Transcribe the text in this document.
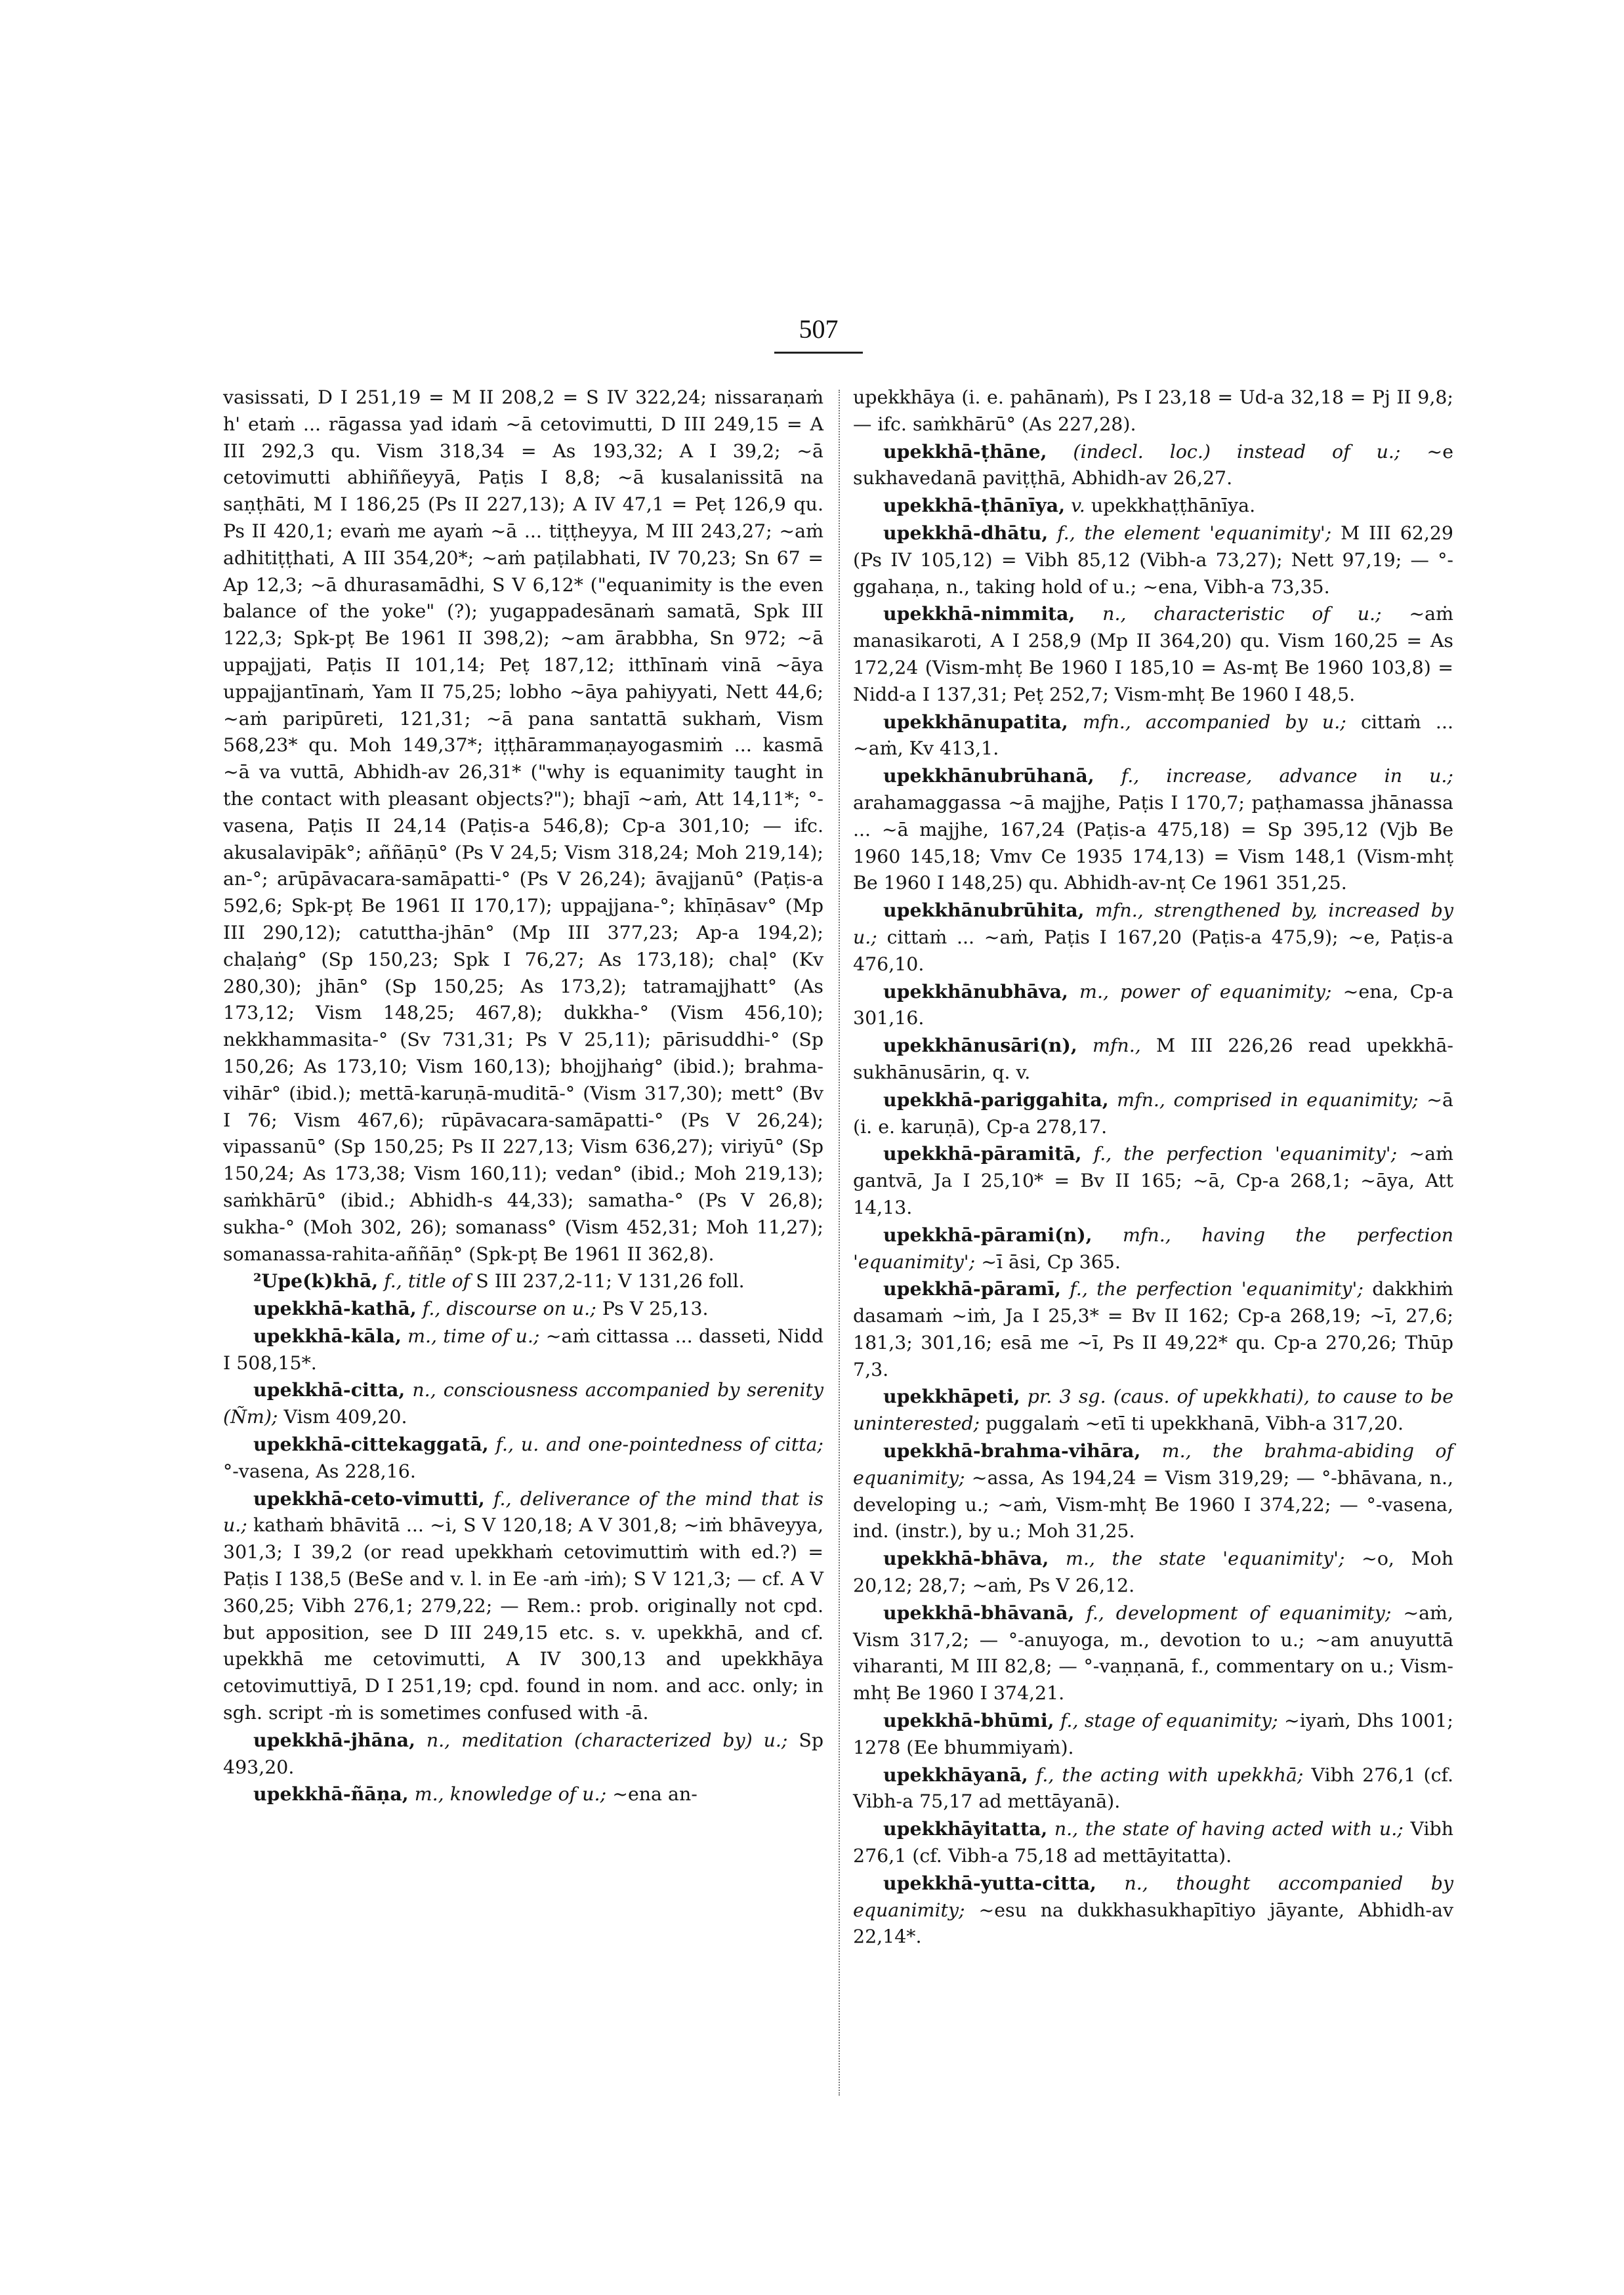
507

vasissati, D I 251,19 = M II 208,2 = S IV 322,24; nissaraṇaṁ h' etaṁ ... rāgassa yad idaṁ ~ā cetovimutti, D III 249,15 = A III 292,3 qu. Vism 318,34 = As 193,32; A I 39,2; ~ā cetovimutti abhiññeyyā, Paṭis I 8,8; ~ā kusalanissitā na saṇṭhāti, M I 186,25 (Ps II 227,13); A IV 47,1 = Peṭ 126,9 qu. Ps II 420,1; evaṁ me ayaṁ ~ā ... tiṭṭheyya, M III 243,27; ~aṁ adhitiṭṭhati, A III 354,20*; ~aṁ paṭilabhati, IV 70,23; Sn 67 = Ap 12,3; ~ā dhurasamādhi, S V 6,12* ("equanimity is the even balance of the yoke" (?); yugappadesānaṁ samatā, Spk III 122,3; Spk-pṭ Be 1961 II 398,2); ~am ārabbha, Sn 972; ~ā uppajjati, Paṭis II 101,14; Peṭ 187,12; itthīnaṁ vinā ~āya uppajjantīnaṁ, Yam II 75,25; lobho ~āya pahiyyati, Nett 44,6; ~aṁ paripūreti, 121,31; ~ā pana santattā sukhaṁ, Vism 568,23* qu. Moh 149,37*; iṭṭhārammaṇayogasmiṁ ... kasmā ~ā va vuttā, Abhidh-av 26,31* ("why is equanimity taught in the contact with pleasant objects?"); bhajī ~aṁ, Att 14,11*; °-vasena, Paṭis II 24,14 (Paṭis-a 546,8); Cp-a 301,10; — ifc. akusalavipāk°; aññāṇū° (Ps V 24,5; Vism 318,24; Moh 219,14); an-°; arūpāvacara-samāpatti-° (Ps V 26,24); āvajjanū° (Paṭis-a 592,6; Spk-pṭ Be 1961 II 170,17); uppajjana-°; khīṇāsav° (Mp III 290,12); catuttha-jhān° (Mp III 377,23; Ap-a 194,2); chaḷaṅg° (Sp 150,23; Spk I 76,27; As 173,18); chaḷ° (Kv 280,30); jhān° (Sp 150,25; As 173,2); tatramajjhatt° (As 173,12; Vism 148,25; 467,8); dukkha-° (Vism 456,10); nekkhammasita-° (Sv 731,31; Ps V 25,11); pārisuddhi-° (Sp 150,26; As 173,10; Vism 160,13); bhojjhaṅg° (ibid.); brahma-vihār° (ibid.); mettā-karuṇā-muditā-° (Vism 317,30); mett° (Bv I 76; Vism 467,6); rūpāvacara-samāpatti-° (Ps V 26,24); vipassanū° (Sp 150,25; Ps II 227,13; Vism 636,27); viriyū° (Sp 150,24; As 173,38; Vism 160,11); vedan° (ibid.; Moh 219,13); saṁkhārū° (ibid.; Abhidh-s 44,33); samatha-° (Ps V 26,8); sukha-° (Moh 302, 26); somanass° (Vism 452,31; Moh 11,27); somanassa-rahita-aññāṇ° (Spk-pṭ Be 1961 II 362,8).

²Upe(k)khā, f., title of S III 237,2-11; V 131,26 foll.

upekkhā-kathā, f., discourse on u.; Ps V 25,13.

upekkhā-kāla, m., time of u.; ~aṁ cittassa ... dasseti, Nidd I 508,15*.

upekkhā-citta, n., consciousness accompanied by serenity (Ñm); Vism 409,20.

upekkhā-cittekaggatā, f., u. and one-pointedness of citta; °-vasena, As 228,16.

upekkhā-ceto-vimutti, f., deliverance of the mind that is u.; kathaṁ bhāvitā ... ~i, S V 120,18; A V 301,8; ~iṁ bhāveyya, 301,3; I 39,2 (or read upekkhaṁ cetovimuttiṁ with ed.?) = Paṭis I 138,5 (BeSe and v. l. in Ee -aṁ -iṁ); S V 121,3; — cf. A V 360,25; Vibh 276,1; 279,22; — Rem.: prob. originally not cpd. but apposition, see D III 249,15 etc. s. v. upekkhā, and cf. upekkhā me cetovimutti, A IV 300,13 and upekkhāya cetovimuttiyā, D I 251,19; cpd. found in nom. and acc. only; in sgh. script -ṁ is sometimes confused with -ā.

upekkhā-jhāna, n., meditation (characterized by) u.; Sp 493,20.

upekkhā-ñāṇa, m., knowledge of u.; ~ena an-

upekkhāya (i. e. pahānaṁ), Ps I 23,18 = Ud-a 32,18 = Pj II 9,8; — ifc. saṁkhārū° (As 227,28).

upekkhā-ṭhāne, (indecl. loc.) instead of u.; ~e sukhavedanā paviṭṭhā, Abhidh-av 26,27.

upekkhā-ṭhānīya, v. upekkhaṭṭhānīya.

upekkhā-dhātu, f., the element 'equanimity'; M III 62,29 (Ps IV 105,12) = Vibh 85,12 (Vibh-a 73,27); Nett 97,19; — °-ggahaṇa, n., taking hold of u.; ~ena, Vibh-a 73,35.

upekkhā-nimmita, n., characteristic of u.; ~aṁ manasikaroti, A I 258,9 (Mp II 364,20) qu. Vism 160,25 = As 172,24 (Vism-mhṭ Be 1960 I 185,10 = As-mṭ Be 1960 103,8) = Nidd-a I 137,31; Peṭ 252,7; Vism-mhṭ Be 1960 I 48,5.

upekkhānupatita, mfn., accompanied by u.; cittaṁ ... ~aṁ, Kv 413,1.

upekkhānubrūhanā, f., increase, advance in u.; arahamaggassa ~ā majjhe, Paṭis I 170,7; paṭhamassa jhānassa ... ~ā majjhe, 167,24 (Paṭis-a 475,18) = Sp 395,12 (Vjb Be 1960 145,18; Vmv Ce 1935 174,13) = Vism 148,1 (Vism-mhṭ Be 1960 I 148,25) qu. Abhidh-av-nṭ Ce 1961 351,25.

upekkhānubrūhita, mfn., strengthened by, increased by u.; cittaṁ ... ~aṁ, Paṭis I 167,20 (Paṭis-a 475,9); ~e, Paṭis-a 476,10.

upekkhānubhāva, m., power of equanimity; ~ena, Cp-a 301,16.

upekkhānusāri(n), mfn., M III 226,26 read upekkhā-sukhānusārin, q. v.

upekkhā-pariggahita, mfn., comprised in equanimity; ~ā (i. e. karuṇā), Cp-a 278,17.

upekkhā-pāramitā, f., the perfection 'equanimity'; ~aṁ gantvā, Ja I 25,10* = Bv II 165; ~ā, Cp-a 268,1; ~āya, Att 14,13.

upekkhā-pārami(n), mfn., having the perfection 'equanimity'; ~ī āsi, Cp 365.

upekkhā-pāramī, f., the perfection 'equanimity'; dakkhiṁ dasamaṁ ~iṁ, Ja I 25,3* = Bv II 162; Cp-a 268,19; ~ī, 27,6; 181,3; 301,16; esā me ~ī, Ps II 49,22* qu. Cp-a 270,26; Thūp 7,3.

upekkhāpeti, pr. 3 sg. (caus. of upekkhati), to cause to be uninterested; puggalaṁ ~etī ti upekkhanā, Vibh-a 317,20.

upekkhā-brahma-vihāra, m., the brahma-abiding of equanimity; ~assa, As 194,24 = Vism 319,29; — °-bhāvana, n., developing u.; ~aṁ, Vism-mhṭ Be 1960 I 374,22; — °-vasena, ind. (instr.), by u.; Moh 31,25.

upekkhā-bhāva, m., the state 'equanimity'; ~o, Moh 20,12; 28,7; ~aṁ, Ps V 26,12.

upekkhā-bhāvanā, f., development of equanimity; ~aṁ, Vism 317,2; — °-anuyoga, m., devotion to u.; ~am anuyuttā viharanti, M III 82,8; — °-vaṇṇanā, f., commentary on u.; Vism-mhṭ Be 1960 I 374,21.

upekkhā-bhūmi, f., stage of equanimity; ~iyaṁ, Dhs 1001; 1278 (Ee bhummiyaṁ).

upekkhāyanā, f., the acting with upekkhā; Vibh 276,1 (cf. Vibh-a 75,17 ad mettāyanā).

upekkhāyitatta, n., the state of having acted with u.; Vibh 276,1 (cf. Vibh-a 75,18 ad mettāyitatta).

upekkhā-yutta-citta, n., thought accompanied by equanimity; ~esu na dukkhasukhapītiyo jāyante, Abhidh-av 22,14*.
